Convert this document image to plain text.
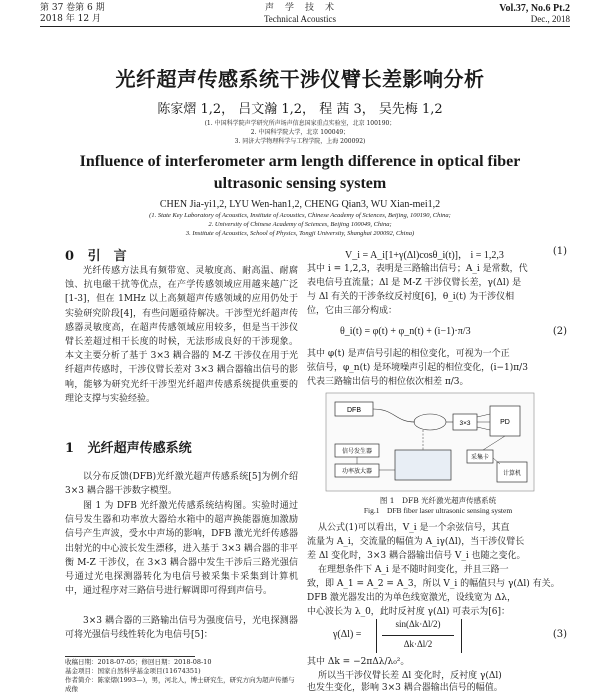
第 37 卷第 6 期
2018 年 12 月
声　学　技　术
Technical Acoustics
Vol.37, No.6 Pt.2
Dec., 2018
光纤超声传感系统干涉仪臂长差影响分析
陈家熠 1,2， 吕文瀚 1,2， 程 茜 3， 吴先梅 1,2
(1. 中国科学院声学研究所声场声信息国家重点实验室，北京 100190；
2. 中国科学院大学，北京 100049；
3. 同济大学物理科学与工程学院，上海 200092)
Influence of interferometer arm length difference in optical fiber
ultrasonic sensing system
CHEN Jia-yi1,2, LYU Wen-han1,2, CHENG Qian3, WU Xian-mei1,2
(1. State Key Laboratory of Acoustics, Institute of Acoustics, Chinese Academy of Sciences, Beijing, 100190, China;
2. University of Chinese Academy of Sciences, Beijing 100049, China;
3. Institute of Acoustics, School of Physics, Tongji University, Shanghai 200092, China)
0 引　言
光纤传感方法具有频带宽、灵敏度高、耐高温、耐腐蚀、抗电磁干扰等优点，在产学传感领域应用越来越广泛[1-3]，但在 1MHz 以上高频超声传感领域的应用仍处于实验研究阶段[4]，有些问题亟待解决。干涉型光纤超声传感器灵敏度高，在超声传感领域应用较多，但是当干涉仪臂长差超过相干长度的时候，无法形成良好的干涉现象。本文主要分析了基于 3×3 耦合器的 M-Z 干涉仪在用于光纤超声传感时，干涉仪臂长差对 3×3 耦合器输出信号的影响，能够为研究光纤干涉型光纤超声传感系统提供重要的理论支撑与实验经验。
1 光纤超声传感系统
以分布反馈(DFB)光纤激光超声传感系统[5]为例介绍 3×3 耦合器干涉数字模型。
图 1 为 DFB 光纤激光传感系统结构图。实验时通过信号发生器和功率放大器给水箱中的超声换能器施加激励信号产生声波，受水中声场的影响，DFB 激光光纤传感器出射光的中心波长发生漂移，进入基于 3×3 耦合器的非平衡 M-Z 干涉仪，在 3×3 耦合器中发生干涉后三路光强信号通过光电探测器转化为电信号被采集卡采集到计算机中，通过程序对三路信号进行解调即可得到声信号。
3×3 耦合器的三路输出信号为强度信号，光电探测器可将光强信号线性转化为电信号[5]：
收稿日期：2018-07-05；修回日期：2018-08-10
基金项目：国家自然科学基金项目(11674351)
作者简介：陈家熠(1993—)，男，河北人，博士研究生，研究方向为超声传播与成像
V_i = A_i[1+γ(Δl)cosθ_i(t)]， i = 1,2,3	(1)
其中 i = 1,2,3，表明是三路输出信号；A_i 是常数，代
表电信号直流量；Δl 是 M-Z 干涉仪臂长差，γ(Δl) 是
与 Δl 有关的干涉条纹反衬度[6]，θ_i(t) 为干涉仪相
位，它由三部分构成：
θ_i(t) = φ(t) + φ_n(t) + (i−1)·π/3	(2)
其中 φ(t) 是声信号引起的相位变化，可视为一个正
弦信号，φ_n(t) 是环境噪声引起的相位变化，(i−1)π/3
代表三路输出信号的相位依次相差 π/3。
DFB
3×3	PD
信号发生器
功率放大器
采集卡
计算机
图 1　DFB 光纤激光超声传感系统
Fig.1　DFB fiber laser ultrasonic sensing system
从公式(1)可以看出，V_i 是一个余弦信号，其直
流量为 A_i，交流量的幅值为 A_iγ(Δl)，当干涉仪臂长
差 Δl 变化时，3×3 耦合器输出信号 V_i 也随之变化。
在理想条件下 A_i 是不随时间变化，并且三路一
致，即 A_1 = A_2 = A_3，所以 V_i 的幅值只与 γ(Δl) 有关。
DFB 激光器发出的为单色线宽激光，设线宽为 Δλ，
中心波长为 λ_0，此时反衬度 γ(Δl) 可表示为[6]：
γ(Δl) =
sin(Δk·Δl/2)
Δk·Δl/2
(3)
其中 Δk = −2πΔλ/λ₀²。
所以当干涉仪臂长差 Δl 变化时，反衬度 γ(Δl)
也发生变化，影响 3×3 耦合器输出信号的幅值。
